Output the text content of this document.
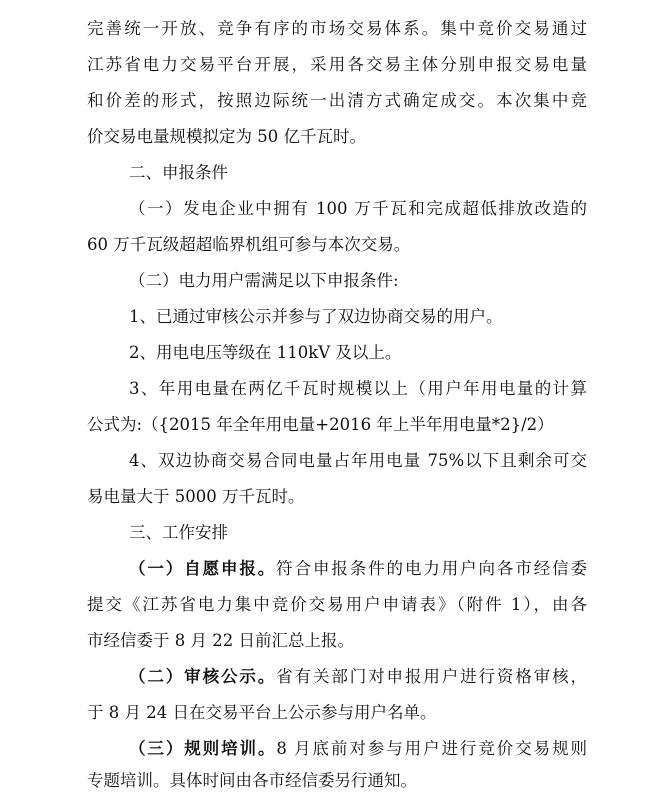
完善统一开放、竞争有序的市场交易体系。集中竞价交易通过
江苏省电力交易平台开展，采用各交易主体分别申报交易电量
和价差的形式，按照边际统一出清方式确定成交。本次集中竞
价交易电量规模拟定为 50 亿千瓦时。
二、申报条件
（一）发电企业中拥有 100 万千瓦和完成超低排放改造的
60 万千瓦级超超临界机组可参与本次交易。
（二）电力用户需满足以下申报条件:
1、已通过审核公示并参与了双边协商交易的用户。
2、用电电压等级在 110kV 及以上。
3、年用电量在两亿千瓦时规模以上（用户年用电量的计算
公式为:（{2015 年全年用电量+2016 年上半年用电量*2}/2）
4、双边协商交易合同电量占年用电量 75%以下且剩余可交
易电量大于 5000 万千瓦时。
三、工作安排
（一）自愿申报。符合申报条件的电力用户向各市经信委
提交《江苏省电力集中竞价交易用户申请表》（附件 1），由各
市经信委于 8 月 22 日前汇总上报。
（二）审核公示。省有关部门对申报用户进行资格审核，
于 8 月 24 日在交易平台上公示参与用户名单。
（三）规则培训。8 月底前对参与用户进行竞价交易规则
专题培训。具体时间由各市经信委另行通知。
